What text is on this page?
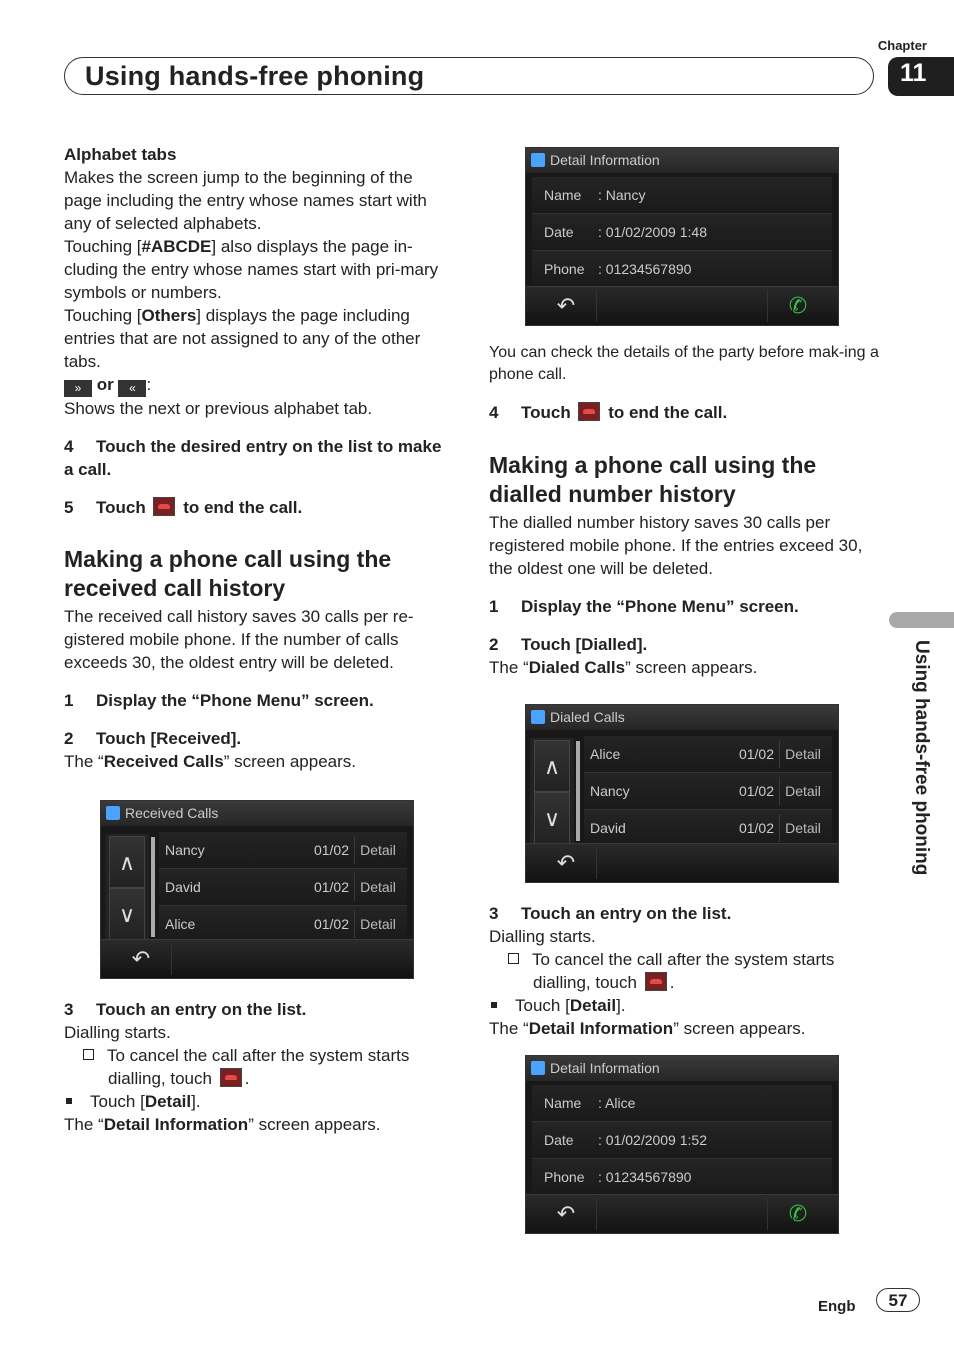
Chapter
Using hands-free phoning	11
Using hands-free phoning

Alphabet tabs

Makes the screen jump to the beginning of the page including the entry whose names start with any of selected alphabets.

Touching [#ABCDE] also displays the page in-cluding the entry whose names start with pri-mary symbols or numbers.

Touching [Others] displays the page including entries that are not assigned to any of the other tabs.

» or « :

Shows the next or previous alphabet tab.

4 Touch the desired entry on the list to make a call.

5 Touch to end the call.

Making a phone call using the received call history

The received call history saves 30 calls per re-gistered mobile phone. If the number of calls exceeds 30, the oldest entry will be deleted.

1 Display the “Phone Menu” screen.

2 Touch [Received].

The “Received Calls” screen appears.

Received Calls
∧
∨
Nancy	01/02 Detail
David	01/02 Detail
Alice	01/02 Detail
↶

3 Touch an entry on the list.

Dialling starts.

To cancel the call after the system starts dialling, touch .

Touch [Detail].

The “Detail Information” screen appears.

Detail Information
Name : Nancy
Date : 01/02/2009 1:48
Phone : 01234567890
↶	✆

You can check the details of the party before mak-ing a phone call.

4 Touch to end the call.

Making a phone call using the dialled number history

The dialled number history saves 30 calls per registered mobile phone. If the entries exceed 30, the oldest one will be deleted.

1 Display the “Phone Menu” screen.

2 Touch [Dialled].

The “Dialed Calls” screen appears.

Dialed Calls
∧
∨
Alice	01/02 Detail
Nancy	01/02 Detail
David	01/02 Detail
↶

3 Touch an entry on the list.

Dialling starts.

To cancel the call after the system starts dialling, touch .

Touch [Detail].

The “Detail Information” screen appears.

Detail Information
Name : Alice
Date : 01/02/2009 1:52
Phone : 01234567890
↶	✆
Engb	57
